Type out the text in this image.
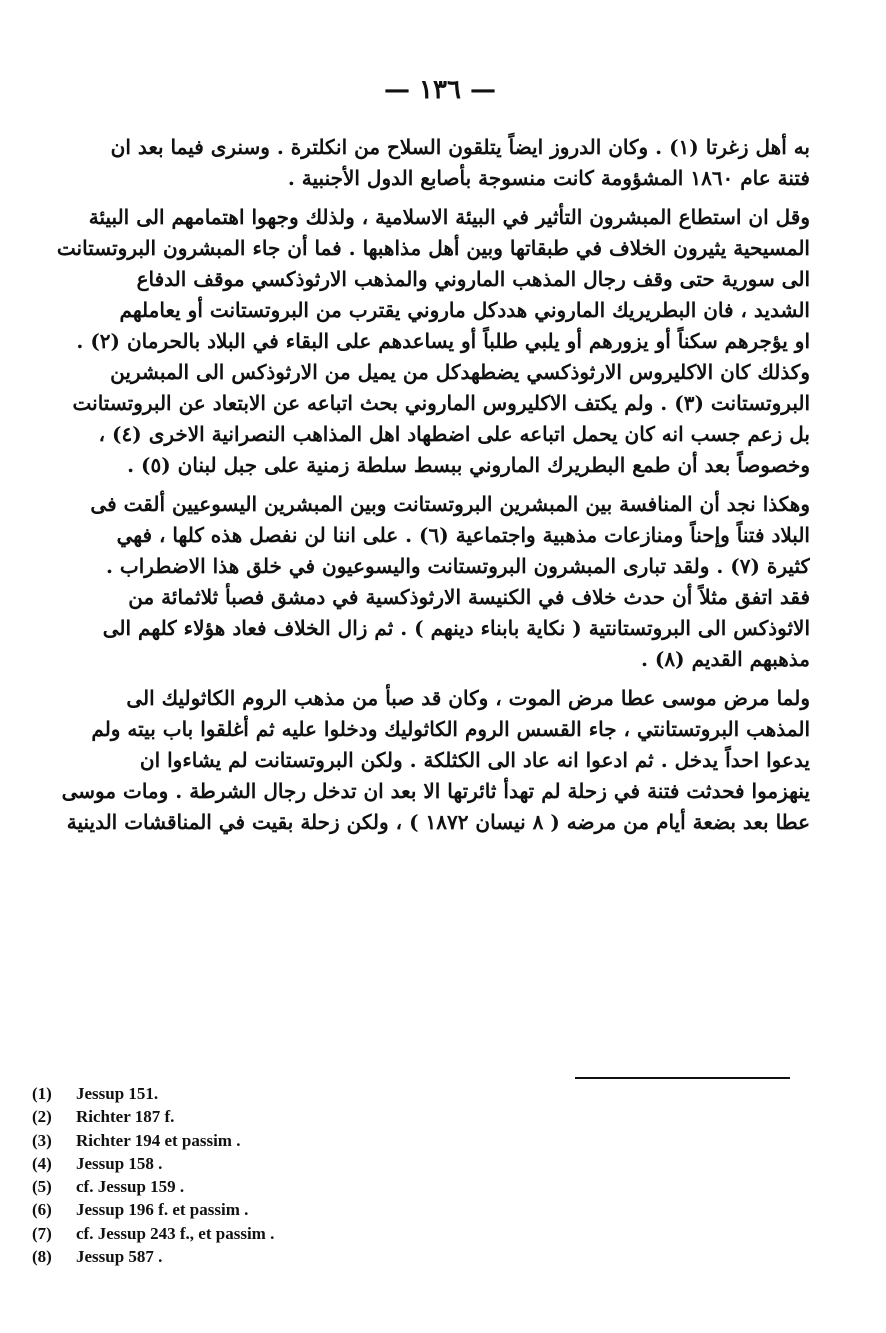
— ١٣٦ —
به أهل زغرتا (١) . وكان الدروز ايضاً يتلقون السلاح من انكلترة . وسنرى فيما بعد ان
فتنة عام ١٨٦٠ المشؤومة كانت منسوجة بأصابع الدول الأجنبية .
وقل ان استطاع المبشرون التأثير في البيئة الاسلامية ، ولذلك وجهوا اهتمامهم الى البيئة
المسيحية يثيرون الخلاف في طبقاتها وبين أهل مذاهبها . فما أن جاء المبشرون البروتستانت
الى سورية حتى وقف رجال المذهب الماروني والمذهب الارثوذكسي موقف الدفاع
الشديد ، فان البطريريك الماروني هددكل ماروني يقترب من البروتستانت أو يعاملهم
او يؤجرهم سكناً أو يزورهم أو يلبي طلباً أو يساعدهم على البقاء في البلاد بالحرمان (٢) .
وكذلك كان الاكليروس الارثوذكسي يضطهدكل من يميل من الارثوذكس الى المبشرين
البروتستانت (٣) . ولم يكتف الاكليروس الماروني بحث اتباعه عن الابتعاد عن البروتستانت
بل زعم جسب انه كان يحمل اتباعه على اضطهاد اهل المذاهب النصرانية الاخرى (٤) ،
وخصوصاً بعد أن طمع البطريرك الماروني ببسط سلطة زمنية على جبل لبنان (٥) .
وهكذا نجد أن المنافسة بين المبشرين البروتستانت وبين المبشرين اليسوعيين ألقت فى
البلاد فتناً وإحناً ومنازعات مذهبية واجتماعية (٦) . على اننا لن نفصل هذه كلها ، فهي
كثيرة (٧) . ولقد تبارى المبشرون البروتستانت واليسوعيون في خلق هذا الاضطراب .
فقد اتفق مثلاً أن حدث خلاف في الكنيسة الارثوذكسية في دمشق فصبأ ثلاثمائة من
الاثوذكس الى البروتستانتية ( نكاية بابناء دينهم ) . ثم زال الخلاف فعاد هؤلاء كلهم الى
مذهبهم القديم (٨) .
ولما مرض موسى عطا مرض الموت ، وكان قد صبأ من مذهب الروم الكاثوليك الى
المذهب البروتستانتي ، جاء القسس الروم الكاثوليك ودخلوا عليه ثم أغلقوا باب بيته ولم
يدعوا احداً يدخل . ثم ادعوا انه عاد الى الكثلكة . ولكن البروتستانت لم يشاءوا ان
ينهزموا فحدثت فتنة في زحلة لم تهدأ ثائرتها الا بعد ان تدخل رجال الشرطة . ومات موسى
عطا بعد بضعة أيام من مرضه ( ٨ نيسان ١٨٧٢ ) ، ولكن زحلة بقيت في المناقشات الدينية
(1) Jessup 151.
(2) Richter 187 f.
(3) Richter 194 et passim .
(4) Jessup 158 .
(5) cf. Jessup 159 .
(6) Jessup 196 f. et passim .
(7) cf. Jessup 243 f., et passim .
(8) Jessup 587 .
